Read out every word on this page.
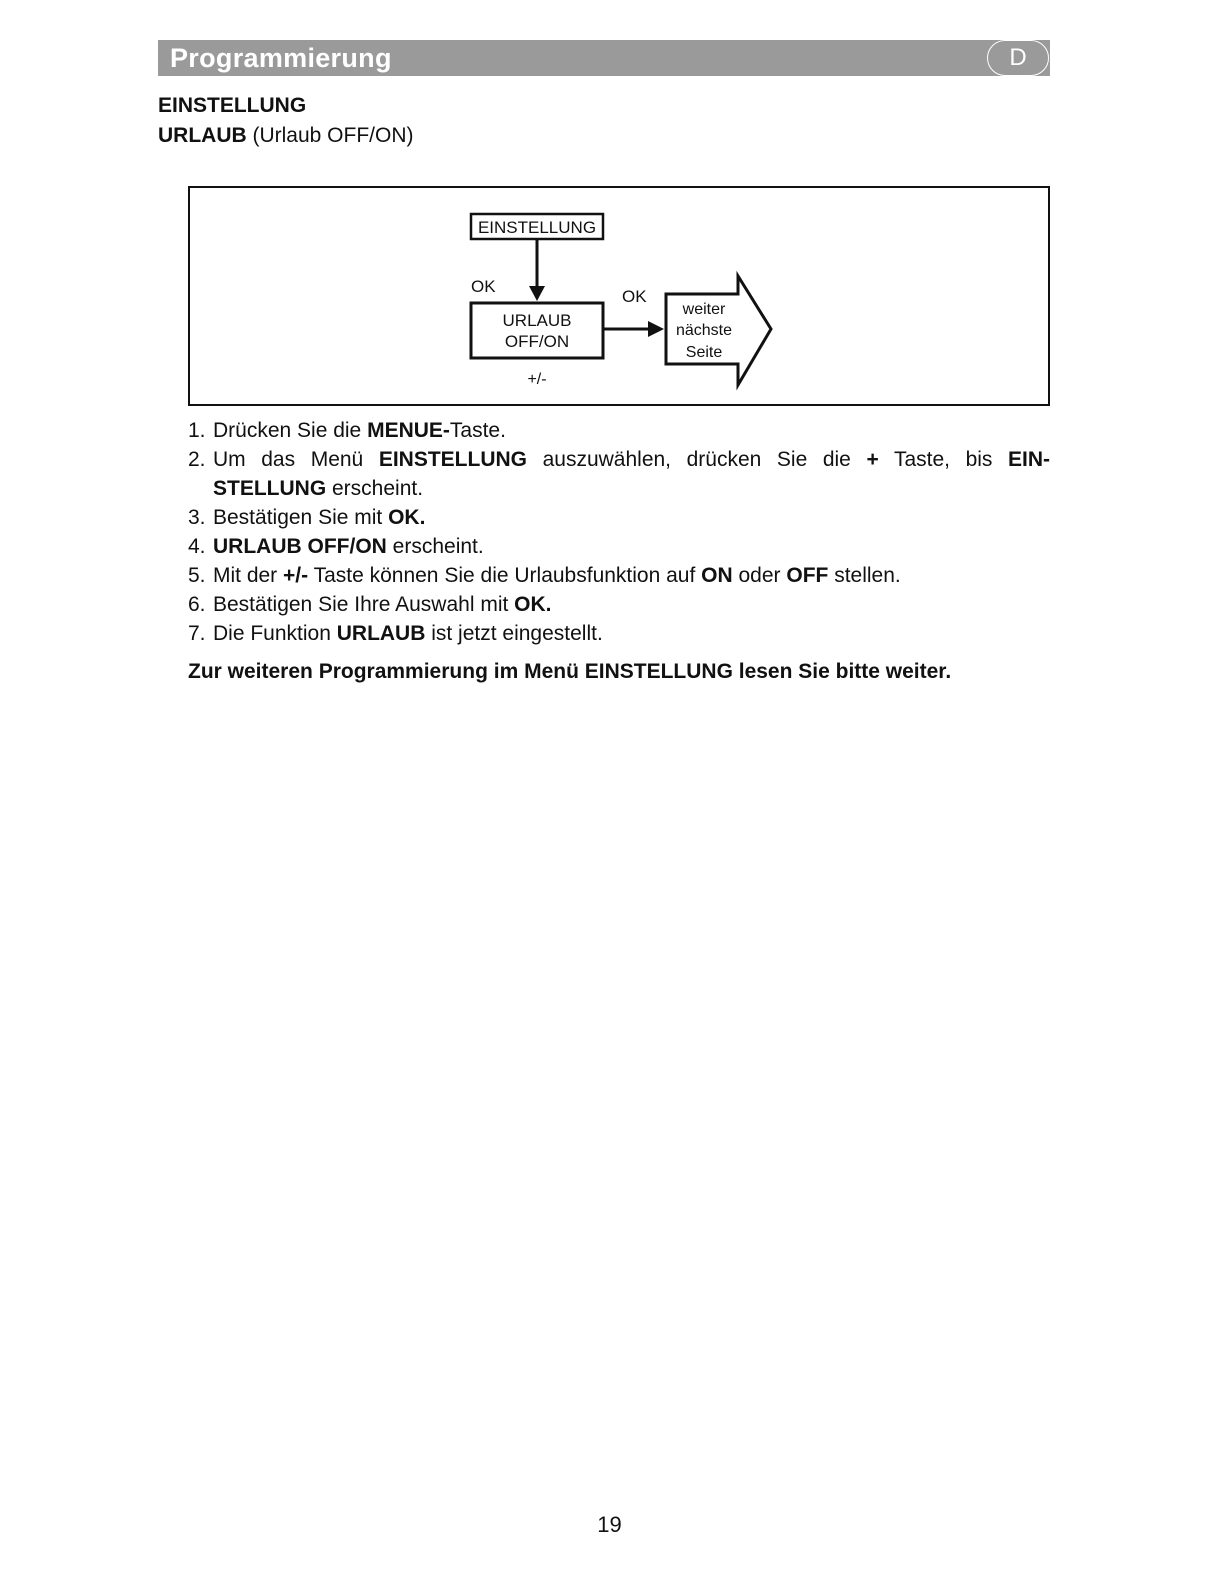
Programmierung	D
EINSTELLUNG
URLAUB (Urlaub OFF/ON)
EINSTELLUNG
OK
URLAUB
OFF/ON
+/-
OK
weiter
nächste
Seite
1. Drücken Sie die MENUE-Taste.
2. Um das Menü EINSTELLUNG auszuwählen, drücken Sie die + Taste, bis EIN- STELLUNG erscheint.
3. Bestätigen Sie mit OK.
4. URLAUB OFF/ON erscheint.
5. Mit der +/- Taste können Sie die Urlaubsfunktion auf ON oder OFF stellen.
6. Bestätigen Sie Ihre Auswahl mit OK.
7. Die Funktion URLAUB ist jetzt eingestellt.
Zur weiteren Programmierung im Menü EINSTELLUNG lesen Sie bitte weiter.
19
